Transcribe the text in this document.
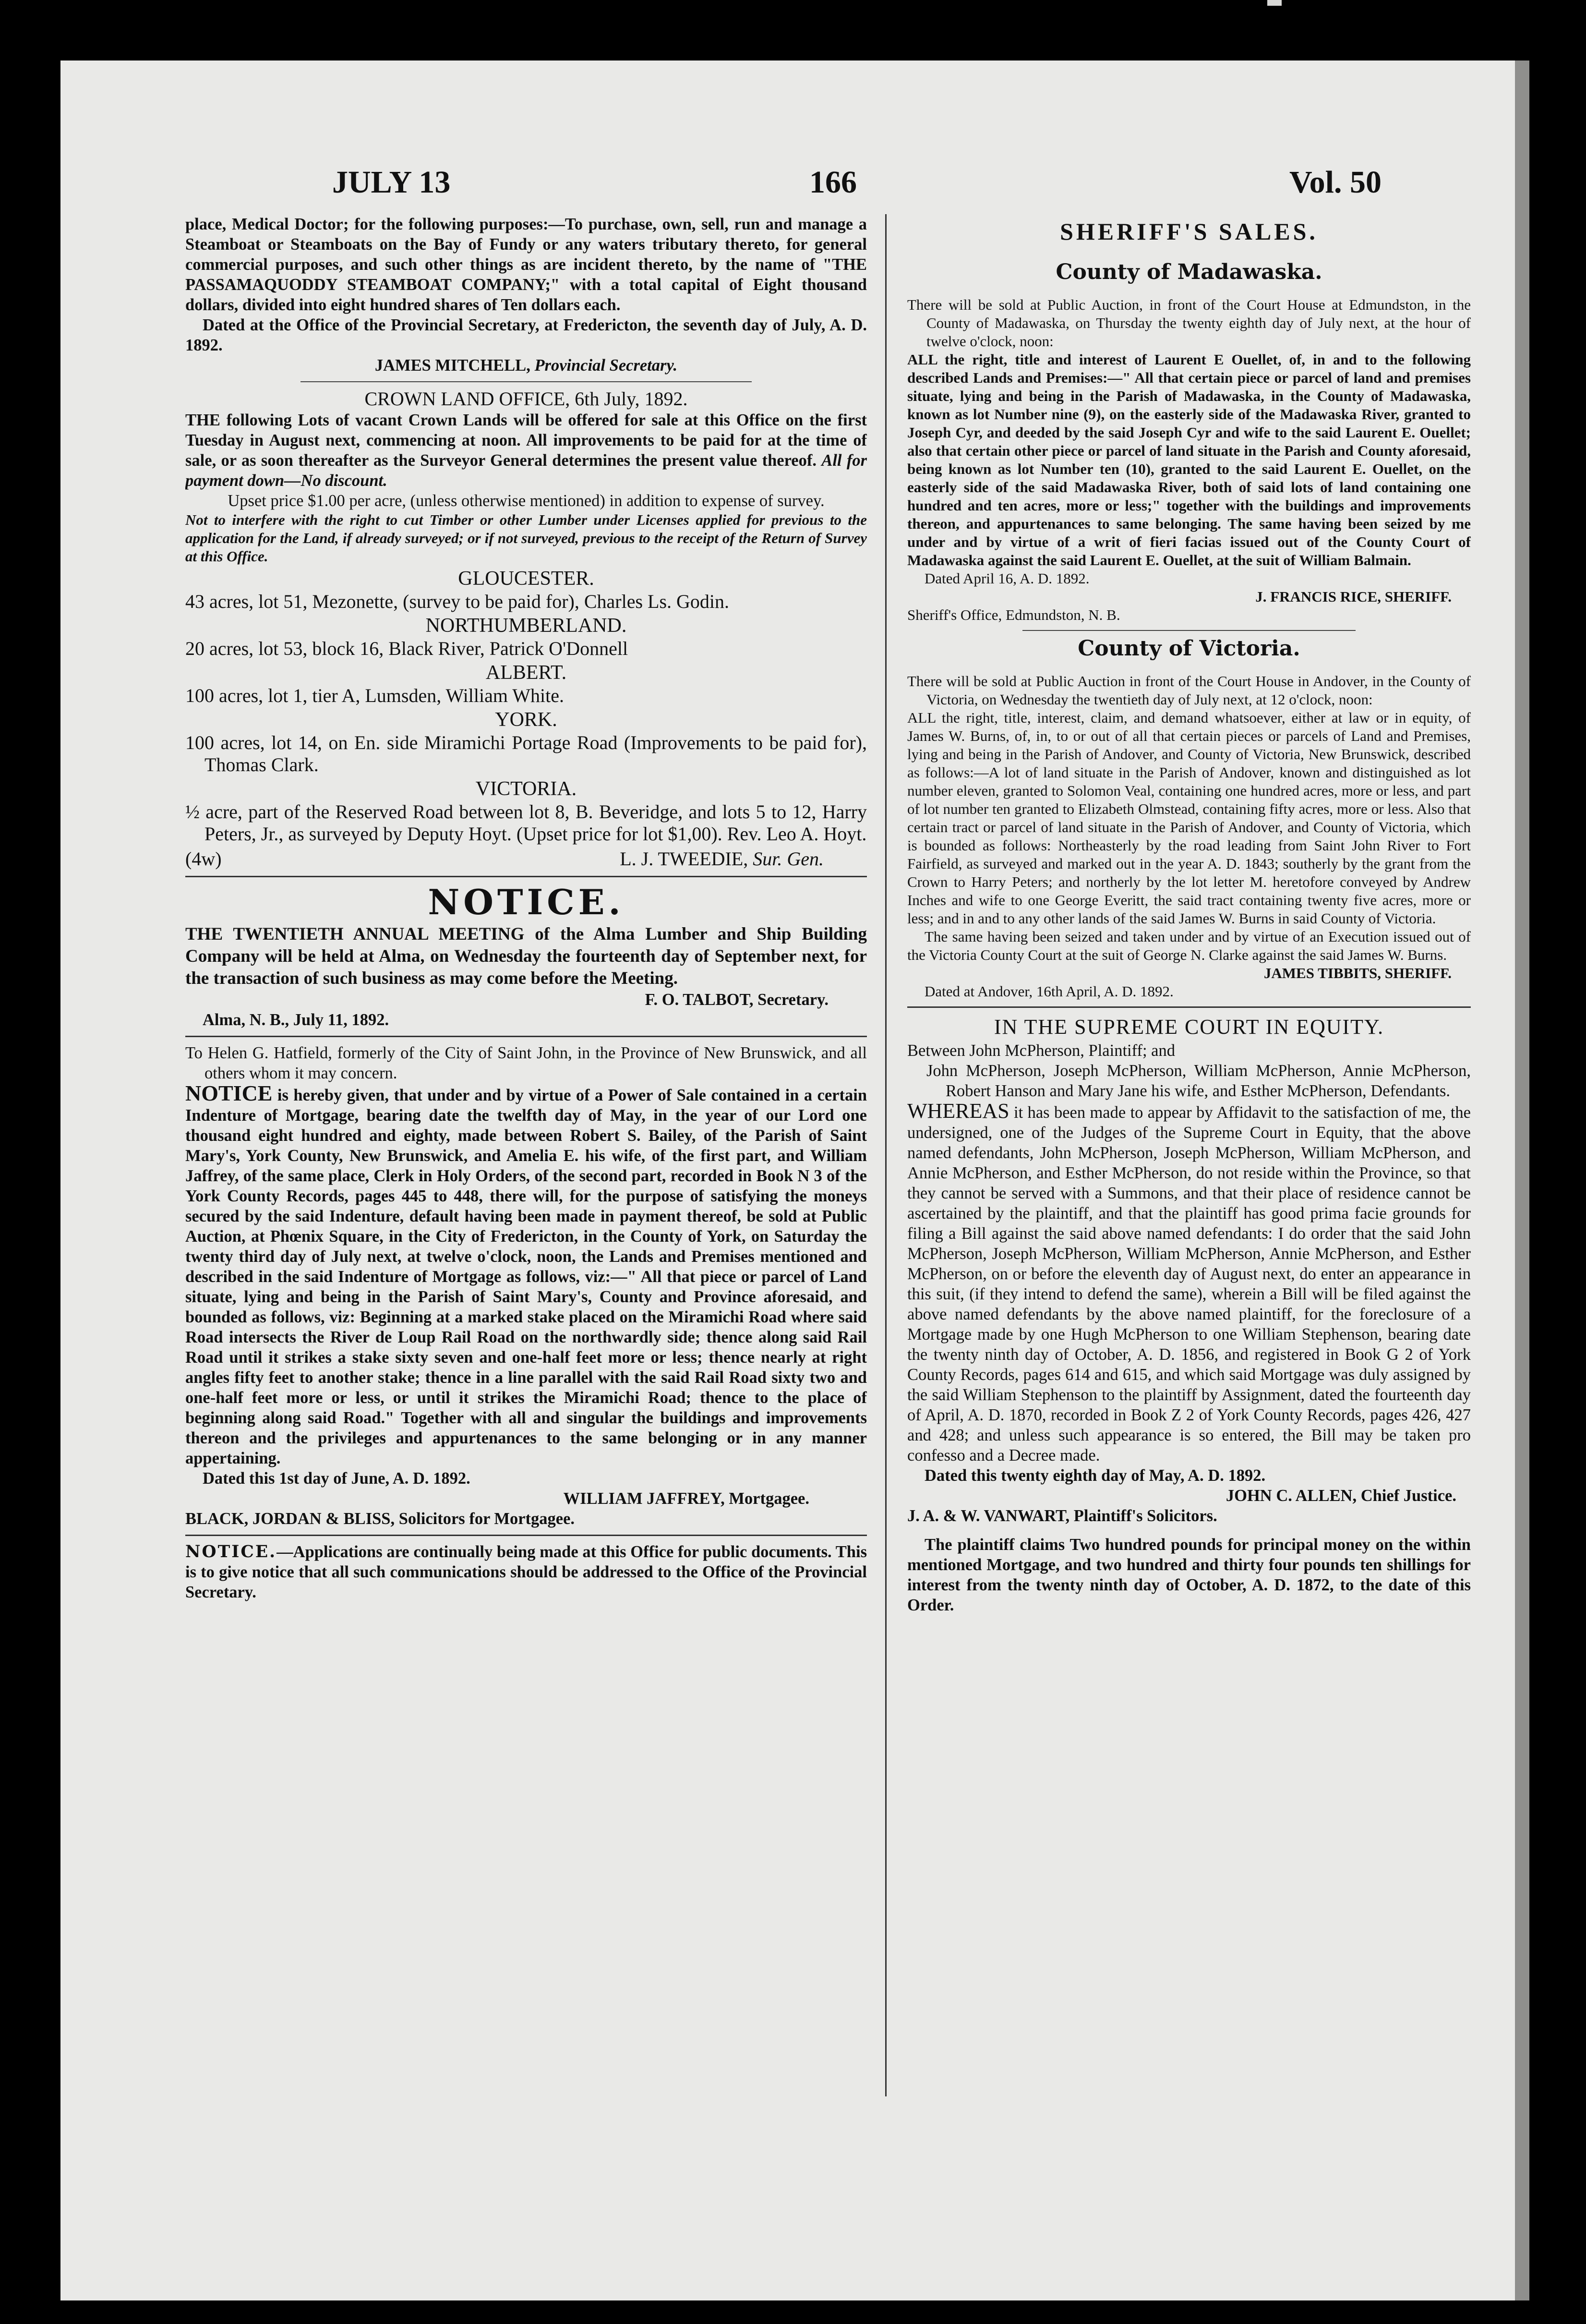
JULY 13	166	Vol. 50

place, Medical Doctor; for the following purposes:—To purchase, own, sell, run and manage a Steamboat or Steamboats on the Bay of Fundy or any waters tributary thereto, for general commercial purposes, and such other things as are incident thereto, by the name of "THE PASSAMAQUODDY STEAMBOAT COMPANY;" with a total capital of Eight thousand dollars, divided into eight hundred shares of Ten dollars each.

Dated at the Office of the Provincial Secretary, at Fredericton, the seventh day of July, A. D. 1892.

JAMES MITCHELL, Provincial Secretary.

CROWN LAND OFFICE, 6th July, 1892.

THE following Lots of vacant Crown Lands will be offered for sale at this Office on the first Tuesday in August next, commencing at noon. All improvements to be paid for at the time of sale, or as soon thereafter as the Surveyor General determines the present value thereof. All for payment down—No discount.

Upset price $1.00 per acre, (unless otherwise mentioned) in addition to expense of survey.

Not to interfere with the right to cut Timber or other Lumber under Licenses applied for previous to the application for the Land, if already surveyed; or if not surveyed, previous to the receipt of the Return of Survey at this Office.

GLOUCESTER.

43 acres, lot 51, Mezonette, (survey to be paid for), Charles Ls. Godin.

NORTHUMBERLAND.

20 acres, lot 53, block 16, Black River, Patrick O'Donnell

ALBERT.

100 acres, lot 1, tier A, Lumsden, William White.

YORK.

100 acres, lot 14, on En. side Miramichi Portage Road (Improvements to be paid for), Thomas Clark.

VICTORIA.

½ acre, part of the Reserved Road between lot 8, B. Beveridge, and lots 5 to 12, Harry Peters, Jr., as surveyed by Deputy Hoyt. (Upset price for lot $1,00). Rev. Leo A. Hoyt.

(4w)	L. J. TWEEDIE, Sur. Gen.

NOTICE.

THE TWENTIETH ANNUAL MEETING of the Alma Lumber and Ship Building Company will be held at Alma, on Wednesday the fourteenth day of September next, for the transaction of such business as may come before the Meeting.

F. O. TALBOT, Secretary.

Alma, N. B., July 11, 1892.

To Helen G. Hatfield, formerly of the City of Saint John, in the Province of New Brunswick, and all others whom it may concern.

NOTICE is hereby given, that under and by virtue of a Power of Sale contained in a certain Indenture of Mortgage, bearing date the twelfth day of May, in the year of our Lord one thousand eight hundred and eighty, made between Robert S. Bailey, of the Parish of Saint Mary's, York County, New Brunswick, and Amelia E. his wife, of the first part, and William Jaffrey, of the same place, Clerk in Holy Orders, of the second part, recorded in Book N 3 of the York County Records, pages 445 to 448, there will, for the purpose of satisfying the moneys secured by the said Indenture, default having been made in payment thereof, be sold at Public Auction, at Phœnix Square, in the City of Fredericton, in the County of York, on Saturday the twenty third day of July next, at twelve o'clock, noon, the Lands and Premises mentioned and described in the said Indenture of Mortgage as follows, viz:—" All that piece or parcel of Land situate, lying and being in the Parish of Saint Mary's, County and Province aforesaid, and bounded as follows, viz: Beginning at a marked stake placed on the Miramichi Road where said Road intersects the River de Loup Rail Road on the northwardly side; thence along said Rail Road until it strikes a stake sixty seven and one-half feet more or less; thence nearly at right angles fifty feet to another stake; thence in a line parallel with the said Rail Road sixty two and one-half feet more or less, or until it strikes the Miramichi Road; thence to the place of beginning along said Road." Together with all and singular the buildings and improvements thereon and the privileges and appurtenances to the same belonging or in any manner appertaining.

Dated this 1st day of June, A. D. 1892.

WILLIAM JAFFREY, Mortgagee.

BLACK, JORDAN & BLISS, Solicitors for Mortgagee.

NOTICE.—Applications are continually being made at this Office for public documents. This is to give notice that all such communications should be addressed to the Office of the Provincial Secretary.

SHERIFF'S SALES.

County of Madawaska.

There will be sold at Public Auction, in front of the Court House at Edmundston, in the County of Madawaska, on Thursday the twenty eighth day of July next, at the hour of twelve o'clock, noon:

ALL the right, title and interest of Laurent E Ouellet, of, in and to the following described Lands and Premises:—" All that certain piece or parcel of land and premises situate, lying and being in the Parish of Madawaska, in the County of Madawaska, known as lot Number nine (9), on the easterly side of the Madawaska River, granted to Joseph Cyr, and deeded by the said Joseph Cyr and wife to the said Laurent E. Ouellet; also that certain other piece or parcel of land situate in the Parish and County aforesaid, being known as lot Number ten (10), granted to the said Laurent E. Ouellet, on the easterly side of the said Madawaska River, both of said lots of land containing one hundred and ten acres, more or less;" together with the buildings and improvements thereon, and appurtenances to same belonging. The same having been seized by me under and by virtue of a writ of fieri facias issued out of the County Court of Madawaska against the said Laurent E. Ouellet, at the suit of William Balmain.

Dated April 16, A. D. 1892.

J. FRANCIS RICE, SHERIFF.

Sheriff's Office, Edmundston, N. B.

County of Victoria.

There will be sold at Public Auction in front of the Court House in Andover, in the County of Victoria, on Wednesday the twentieth day of July next, at 12 o'clock, noon:

ALL the right, title, interest, claim, and demand whatsoever, either at law or in equity, of James W. Burns, of, in, to or out of all that certain pieces or parcels of Land and Premises, lying and being in the Parish of Andover, and County of Victoria, New Brunswick, described as follows:—A lot of land situate in the Parish of Andover, known and distinguished as lot number eleven, granted to Solomon Veal, containing one hundred acres, more or less, and part of lot number ten granted to Elizabeth Olmstead, containing fifty acres, more or less. Also that certain tract or parcel of land situate in the Parish of Andover, and County of Victoria, which is bounded as follows: Northeasterly by the road leading from Saint John River to Fort Fairfield, as surveyed and marked out in the year A. D. 1843; southerly by the grant from the Crown to Harry Peters; and northerly by the lot letter M. heretofore conveyed by Andrew Inches and wife to one George Everitt, the said tract containing twenty five acres, more or less; and in and to any other lands of the said James W. Burns in said County of Victoria.

The same having been seized and taken under and by virtue of an Execution issued out of the Victoria County Court at the suit of George N. Clarke against the said James W. Burns.

JAMES TIBBITS, SHERIFF.

Dated at Andover, 16th April, A. D. 1892.

IN THE SUPREME COURT IN EQUITY.

Between John McPherson, Plaintiff; and

John McPherson, Joseph McPherson, William McPherson, Annie McPherson, Robert Hanson and Mary Jane his wife, and Esther McPherson, Defendants.

WHEREAS it has been made to appear by Affidavit to the satisfaction of me, the undersigned, one of the Judges of the Supreme Court in Equity, that the above named defendants, John McPherson, Joseph McPherson, William McPherson, and Annie McPherson, and Esther McPherson, do not reside within the Province, so that they cannot be served with a Summons, and that their place of residence cannot be ascertained by the plaintiff, and that the plaintiff has good prima facie grounds for filing a Bill against the said above named defendants: I do order that the said John McPherson, Joseph McPherson, William McPherson, Annie McPherson, and Esther McPherson, on or before the eleventh day of August next, do enter an appearance in this suit, (if they intend to defend the same), wherein a Bill will be filed against the above named defendants by the above named plaintiff, for the foreclosure of a Mortgage made by one Hugh McPherson to one William Stephenson, bearing date the twenty ninth day of October, A. D. 1856, and registered in Book G 2 of York County Records, pages 614 and 615, and which said Mortgage was duly assigned by the said William Stephenson to the plaintiff by Assignment, dated the fourteenth day of April, A. D. 1870, recorded in Book Z 2 of York County Records, pages 426, 427 and 428; and unless such appearance is so entered, the Bill may be taken pro confesso and a Decree made.

Dated this twenty eighth day of May, A. D. 1892.

JOHN C. ALLEN, Chief Justice.

J. A. & W. VANWART, Plaintiff's Solicitors.

The plaintiff claims Two hundred pounds for principal money on the within mentioned Mortgage, and two hundred and thirty four pounds ten shillings for interest from the twenty ninth day of October, A. D. 1872, to the date of this Order.
